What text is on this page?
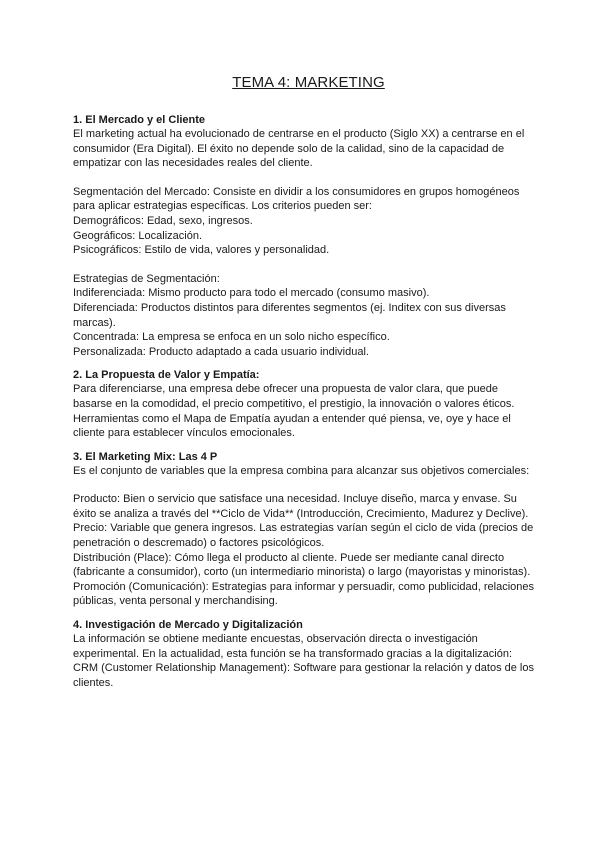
TEMA 4: MARKETING
1. El Mercado y el Cliente

El marketing actual ha evolucionado de centrarse en el producto (Siglo XX) a centrarse en el consumidor (Era Digital). El éxito no depende solo de la calidad, sino de la capacidad de empatizar con las necesidades reales del cliente.

Segmentación del Mercado: Consiste en dividir a los consumidores en grupos homogéneos para aplicar estrategias específicas. Los criterios pueden ser:

Demográficos: Edad, sexo, ingresos.
Geográficos: Localización.
Psicográficos: Estilo de vida, valores y personalidad.
Estrategias de Segmentación:
Indiferenciada: Mismo producto para todo el mercado (consumo masivo).
Diferenciada: Productos distintos para diferentes segmentos (ej. Inditex con sus diversas marcas).
Concentrada: La empresa se enfoca en un solo nicho específico.
Personalizada: Producto adaptado a cada usuario individual.
2. La Propuesta de Valor y Empatía:

Para diferenciarse, una empresa debe ofrecer una propuesta de valor clara, que puede basarse en la comodidad, el precio competitivo, el prestigio, la innovación o valores éticos. Herramientas como el Mapa de Empatía ayudan a entender qué piensa, ve, oye y hace el cliente para establecer vínculos emocionales.

3. El Marketing Mix: Las 4 P

Es el conjunto de variables que la empresa combina para alcanzar sus objetivos comerciales:

Producto: Bien o servicio que satisface una necesidad. Incluye diseño, marca y envase. Su éxito se analiza a través del **Ciclo de Vida** (Introducción, Crecimiento, Madurez y Declive).
Precio: Variable que genera ingresos. Las estrategias varían según el ciclo de vida (precios de penetración o descremado) o factores psicológicos.
Distribución (Place): Cómo llega el producto al cliente. Puede ser mediante canal directo (fabricante a consumidor), corto (un intermediario minorista) o largo (mayoristas y minoristas).
Promoción (Comunicación): Estrategias para informar y persuadir, como publicidad, relaciones públicas, venta personal y merchandising.
4. Investigación de Mercado y Digitalización

La información se obtiene mediante encuestas, observación directa o investigación experimental. En la actualidad, esta función se ha transformado gracias a la digitalización:

CRM (Customer Relationship Management): Software para gestionar la relación y datos de los clientes.
